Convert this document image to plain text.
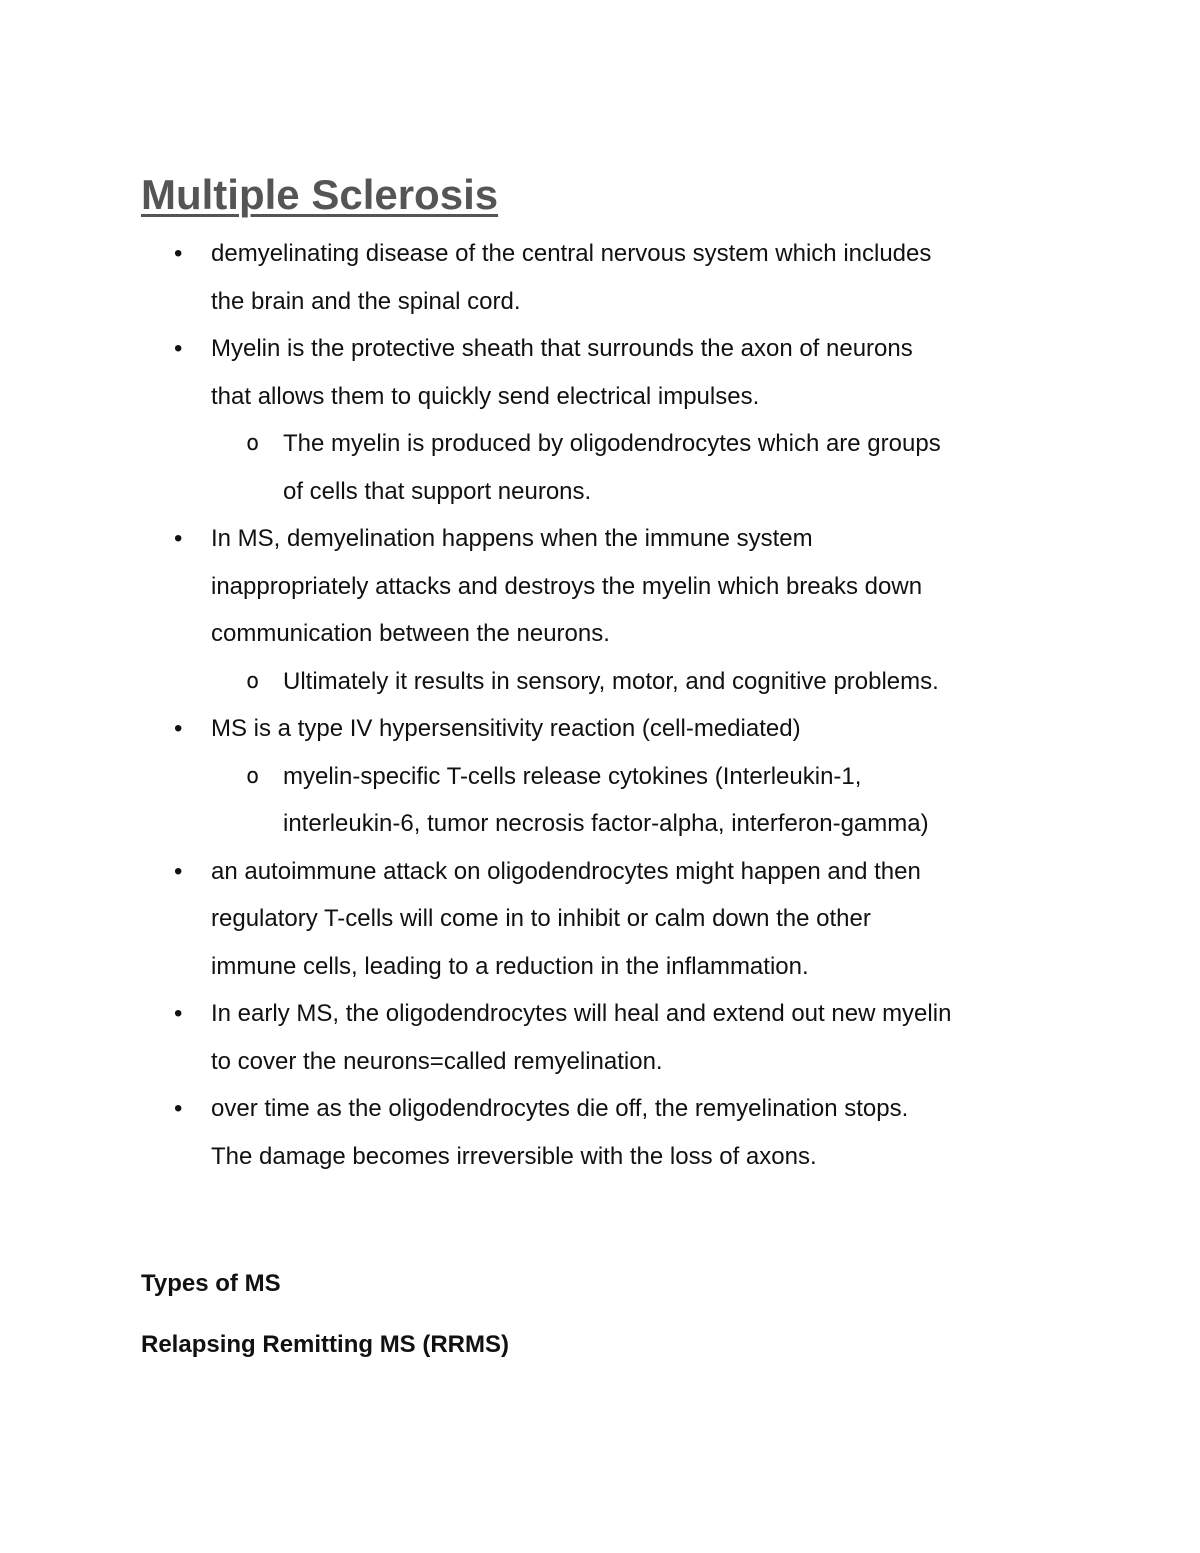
Multiple Sclerosis
• demyelinating disease of the central nervous system which includes
the brain and the spinal cord.
• Myelin is the protective sheath that surrounds the axon of neurons
that allows them to quickly send electrical impulses.
o The myelin is produced by oligodendrocytes which are groups
of cells that support neurons.
• In MS, demyelination happens when the immune system
inappropriately attacks and destroys the myelin which breaks down
communication between the neurons.
o Ultimately it results in sensory, motor, and cognitive problems.
• MS is a type IV hypersensitivity reaction (cell-mediated)
o myelin-specific T-cells release cytokines (Interleukin-1,
interleukin-6, tumor necrosis factor-alpha, interferon-gamma)
• an autoimmune attack on oligodendrocytes might happen and then
regulatory T-cells will come in to inhibit or calm down the other
immune cells, leading to a reduction in the inflammation.
• In early MS, the oligodendrocytes will heal and extend out new myelin
to cover the neurons=called remyelination.
• over time as the oligodendrocytes die off, the remyelination stops.
The damage becomes irreversible with the loss of axons.
Types of MS
Relapsing Remitting MS (RRMS)
